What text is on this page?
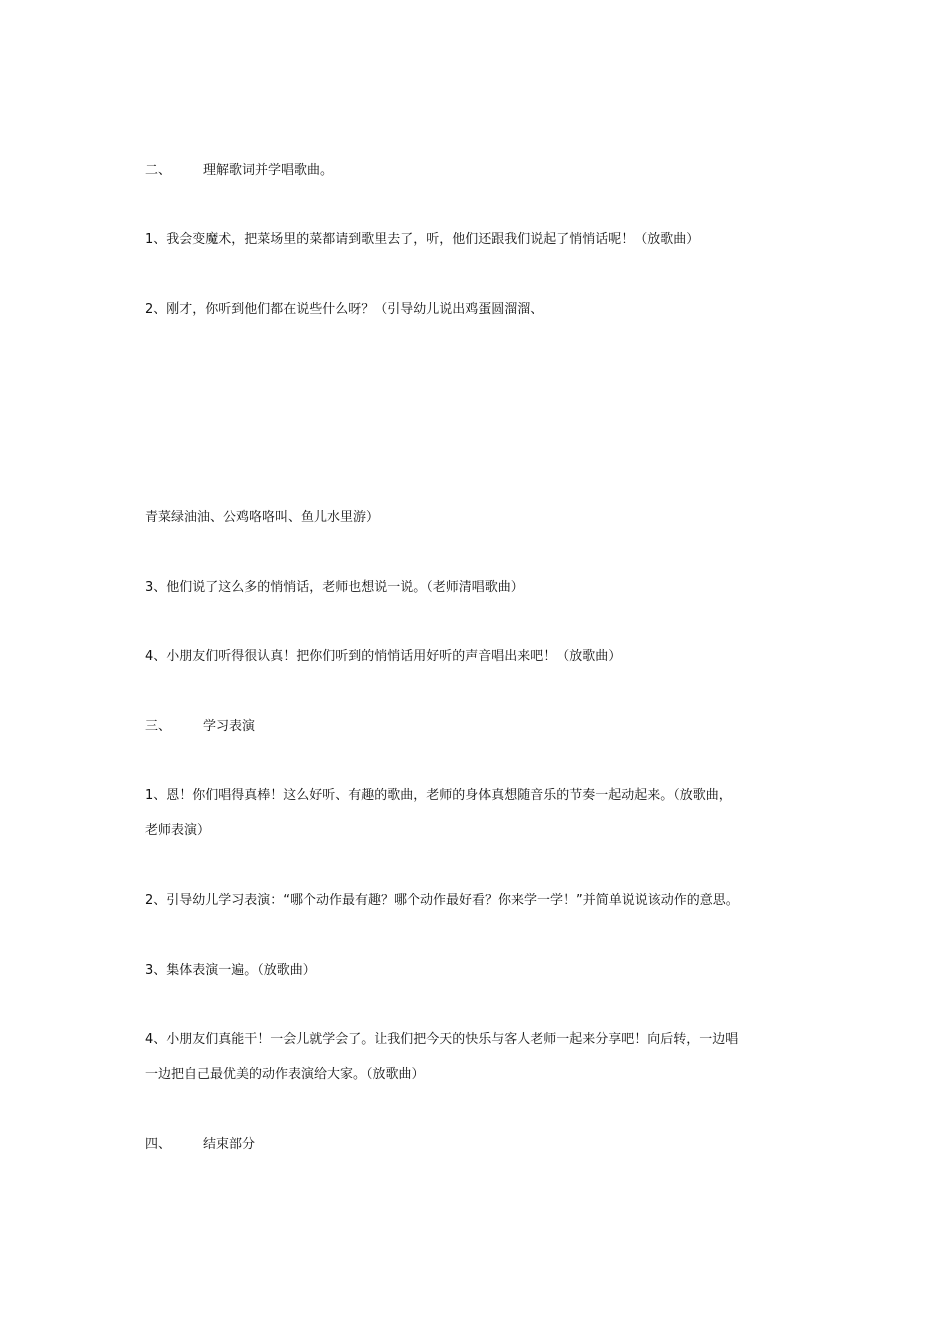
二、 理解歌词并学唱歌曲。
1、我会变魔术，把菜场里的菜都请到歌里去了，听，他们还跟我们说起了悄悄话呢！（放歌曲）
2、刚才，你听到他们都在说些什么呀？（引导幼儿说出鸡蛋圆溜溜、
青菜绿油油、公鸡咯咯叫、鱼儿水里游）
3、他们说了这么多的悄悄话，老师也想说一说。（老师清唱歌曲）
4、小朋友们听得很认真！把你们听到的悄悄话用好听的声音唱出来吧！（放歌曲）
三、 学习表演
1、恩！你们唱得真棒！这么好听、有趣的歌曲，老师的身体真想随音乐的节奏一起动起来。（放歌曲，
老师表演）
2、引导幼儿学习表演：“哪个动作最有趣？哪个动作最好看？你来学一学！”并简单说说该动作的意思。
3、集体表演一遍。（放歌曲）
4、小朋友们真能干！一会儿就学会了。让我们把今天的快乐与客人老师一起来分享吧！向后转，一边唱
一边把自己最优美的动作表演给大家。（放歌曲）
四、 结束部分
